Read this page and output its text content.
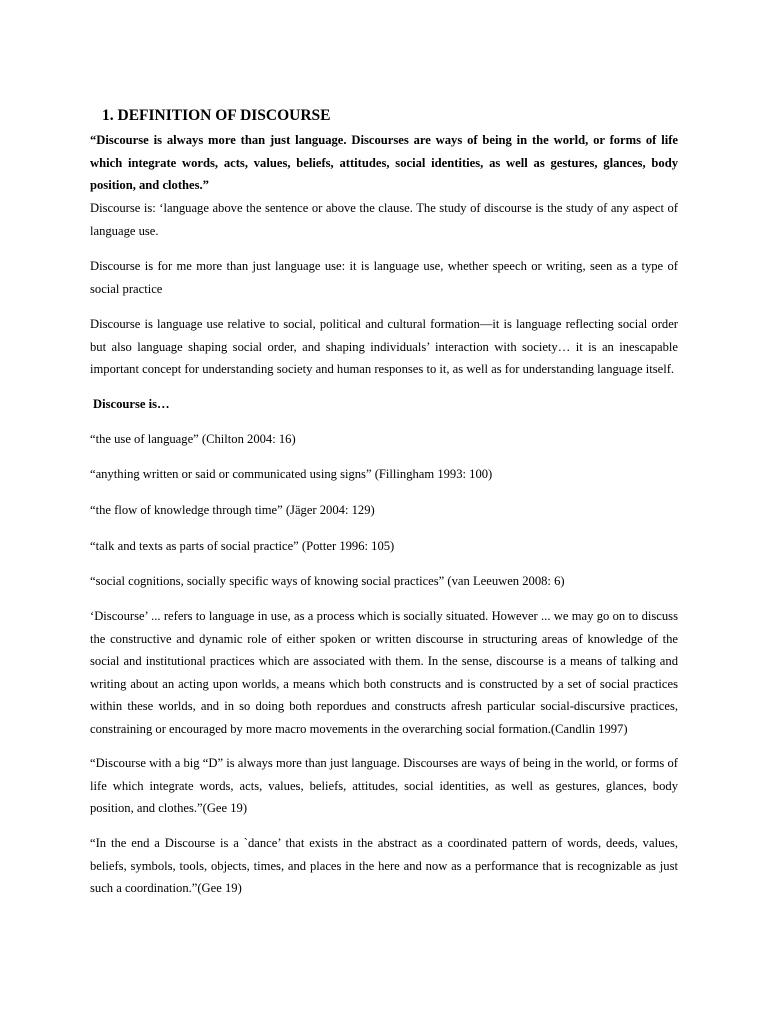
1. DEFINITION OF DISCOURSE

“Discourse is always more than just language. Discourses are ways of being in the world, or forms of life which integrate words, acts, values, beliefs, attitudes, social identities, as well as gestures, glances, body position, and clothes.”

Discourse is: ‘language above the sentence or above the clause. The study of discourse is the study of any aspect of language use.

Discourse is for me more than just language use: it is language use, whether speech or writing, seen as a type of social practice

Discourse is language use relative to social, political and cultural formation—it is language reflecting social order but also language shaping social order, and shaping individuals’ interaction with society… it is an inescapable important concept for understanding society and human responses to it, as well as for understanding language itself.

Discourse is…

“the use of language” (Chilton 2004: 16)

“anything written or said or communicated using signs” (Fillingham 1993: 100)

“the flow of knowledge through time” (Jäger 2004: 129)

“talk and texts as parts of social practice” (Potter 1996: 105)

“social cognitions, socially specific ways of knowing social practices” (van Leeuwen 2008: 6)

‘Discourse’ ... refers to language in use, as a process which is socially situated. However ... we may go on to discuss the constructive and dynamic role of either spoken or written discourse in structuring areas of knowledge of the social and institutional practices which are associated with them. In the sense, discourse is a means of talking and writing about an acting upon worlds, a means which both constructs and is constructed by a set of social practices within these worlds, and in so doing both repordues and constructs afresh particular social-discursive practices, constraining or encouraged by more macro movements in the overarching social formation.(Candlin 1997)

“Discourse with a big “D” is always more than just language. Discourses are ways of being in the world, or forms of life which integrate words, acts, values, beliefs, attitudes, social identities, as well as gestures, glances, body position, and clothes.”(Gee 19)

“In the end a Discourse is a `dance’ that exists in the abstract as a coordinated pattern of words, deeds, values, beliefs, symbols, tools, objects, times, and places in the here and now as a performance that is recognizable as just such a coordination.”(Gee 19)
